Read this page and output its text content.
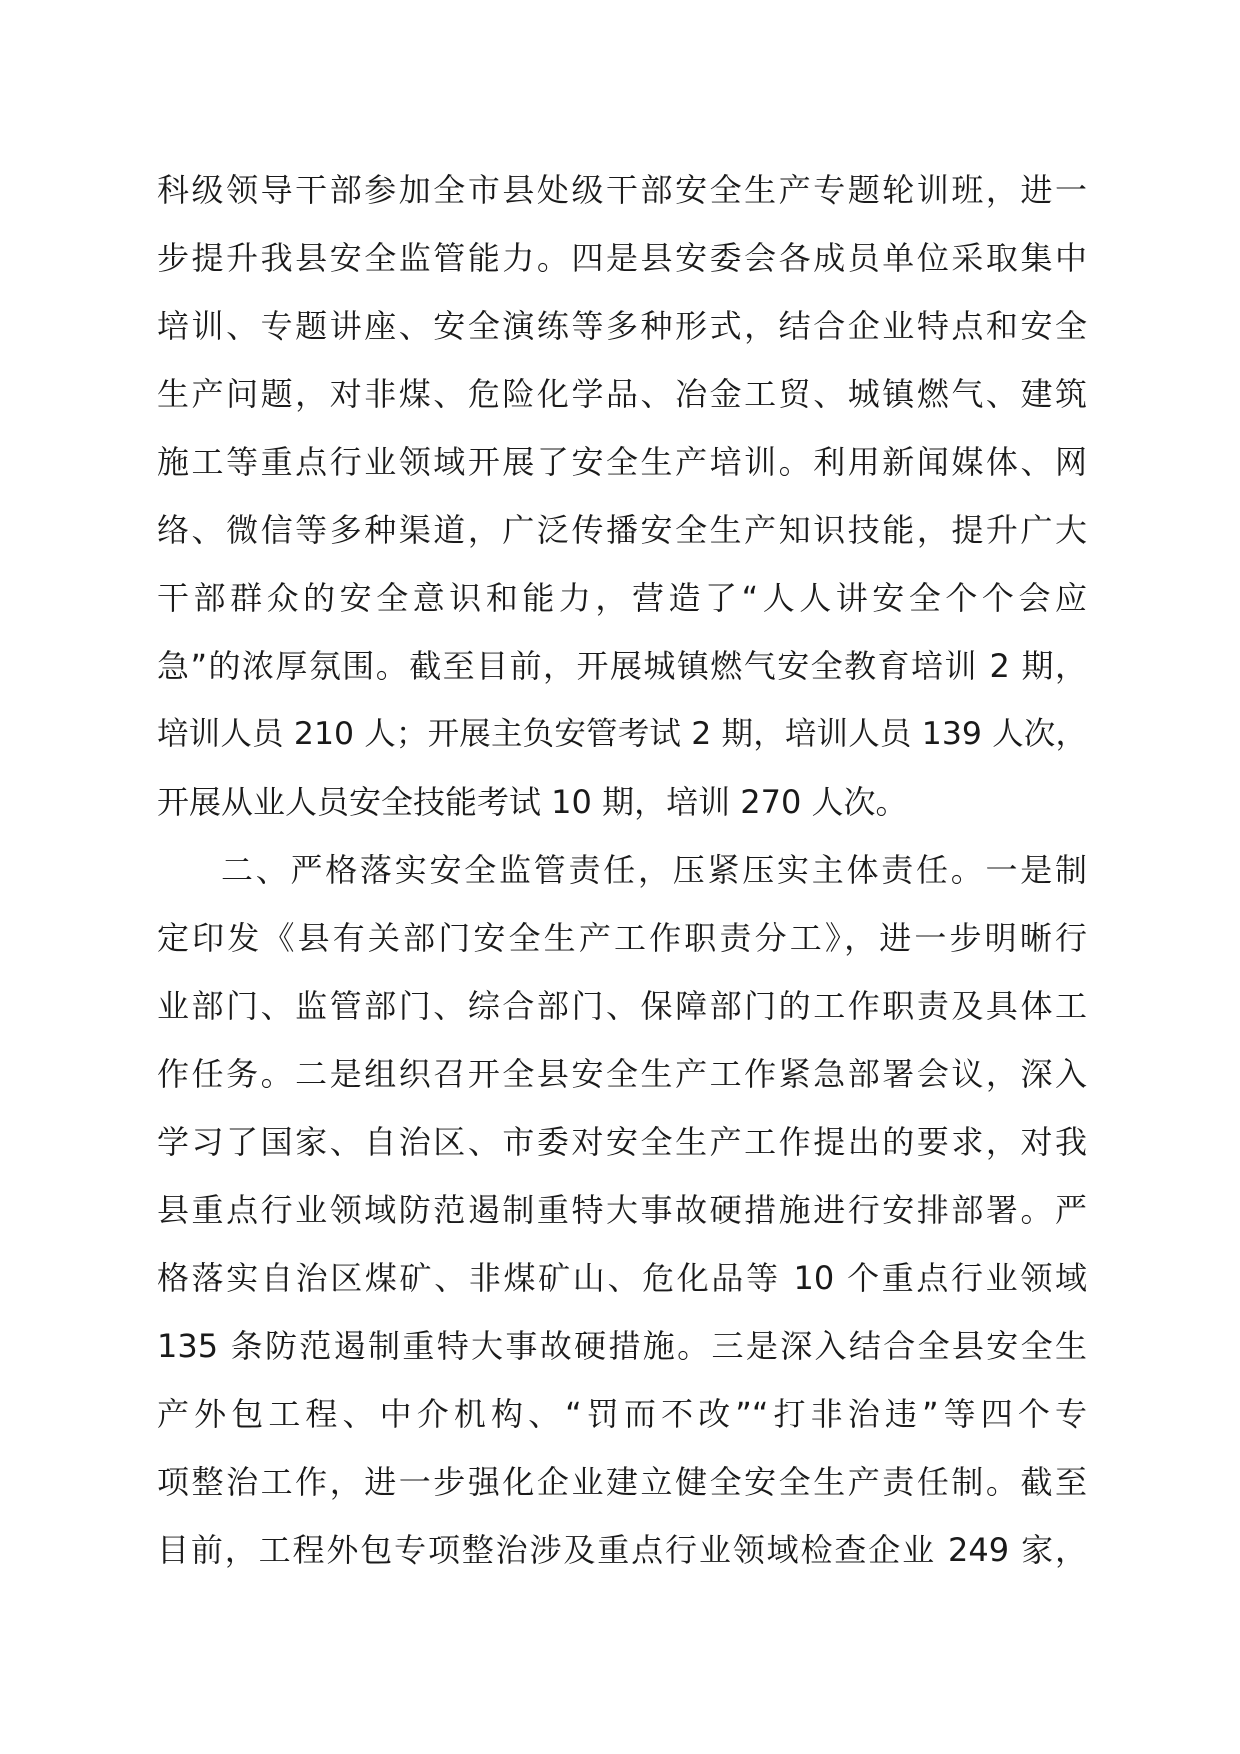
科级领导干部参加全市县处级干部安全生产专题轮训班，进一
步提升我县安全监管能力。四是县安委会各成员单位采取集中
培训、专题讲座、安全演练等多种形式，结合企业特点和安全
生产问题，对非煤、危险化学品、冶金工贸、城镇燃气、建筑
施工等重点行业领域开展了安全生产培训。利用新闻媒体、网
络、微信等多种渠道，广泛传播安全生产知识技能，提升广大
干部群众的安全意识和能力，营造了“人人讲安全个个会应
急”的浓厚氛围。截至目前，开展城镇燃气安全教育培训 2 期，
培训人员 210 人；开展主负安管考试 2 期，培训人员 139 人次，
开展从业人员安全技能考试 10 期，培训 270 人次。
二、严格落实安全监管责任，压紧压实主体责任。一是制
定印发《县有关部门安全生产工作职责分工》，进一步明晰行
业部门、监管部门、综合部门、保障部门的工作职责及具体工
作任务。二是组织召开全县安全生产工作紧急部署会议，深入
学习了国家、自治区、市委对安全生产工作提出的要求，对我
县重点行业领域防范遏制重特大事故硬措施进行安排部署。严
格落实自治区煤矿、非煤矿山、危化品等 10 个重点行业领域
135 条防范遏制重特大事故硬措施。三是深入结合全县安全生
产外包工程、中介机构、“罚而不改”“打非治违”等四个专
项整治工作，进一步强化企业建立健全安全生产责任制。截至
目前，工程外包专项整治涉及重点行业领域检查企业 249 家，
